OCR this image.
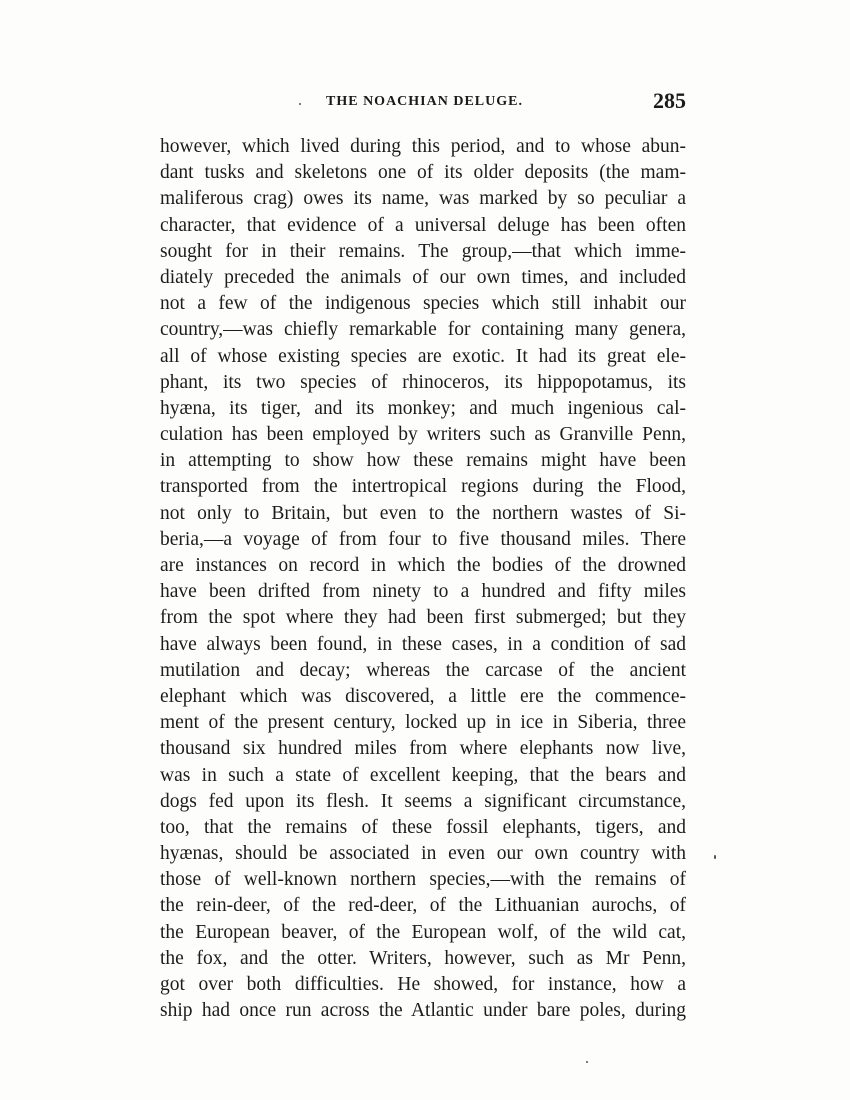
THE NOACHIAN DELUGE.	285
however, which lived during this period, and to whose abun-
dant tusks and skeletons one of its older deposits (the mam-
maliferous crag) owes its name, was marked by so peculiar a
character, that evidence of a universal deluge has been often
sought for in their remains. The group,—that which imme-
diately preceded the animals of our own times, and included
not a few of the indigenous species which still inhabit our
country,—was chiefly remarkable for containing many genera,
all of whose existing species are exotic. It had its great ele-
phant, its two species of rhinoceros, its hippopotamus, its
hyæna, its tiger, and its monkey; and much ingenious cal-
culation has been employed by writers such as Granville Penn,
in attempting to show how these remains might have been
transported from the intertropical regions during the Flood,
not only to Britain, but even to the northern wastes of Si-
beria,—a voyage of from four to five thousand miles. There
are instances on record in which the bodies of the drowned
have been drifted from ninety to a hundred and fifty miles
from the spot where they had been first submerged; but they
have always been found, in these cases, in a condition of sad
mutilation and decay; whereas the carcase of the ancient
elephant which was discovered, a little ere the commence-
ment of the present century, locked up in ice in Siberia, three
thousand six hundred miles from where elephants now live,
was in such a state of excellent keeping, that the bears and
dogs fed upon its flesh. It seems a significant circumstance,
too, that the remains of these fossil elephants, tigers, and
hyænas, should be associated in even our own country with
those of well-known northern species,—with the remains of
the rein-deer, of the red-deer, of the Lithuanian aurochs, of
the European beaver, of the European wolf, of the wild cat,
the fox, and the otter. Writers, however, such as Mr Penn,
got over both difficulties. He showed, for instance, how a
ship had once run across the Atlantic under bare poles, during
